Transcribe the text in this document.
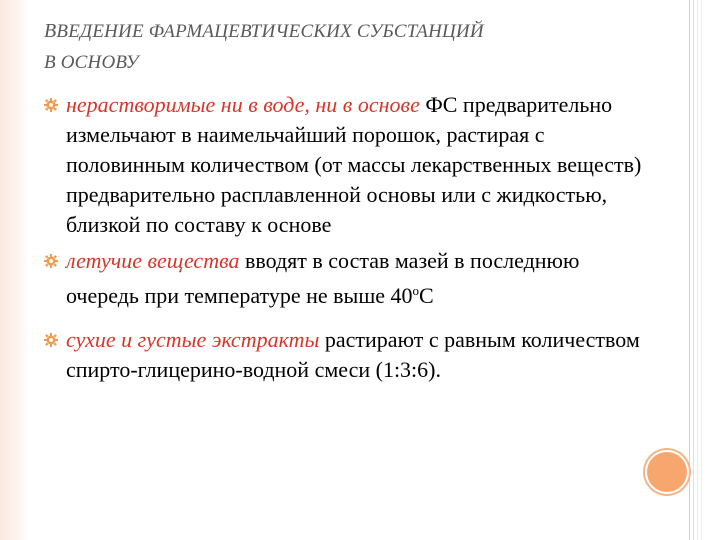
ВВЕДЕНИЕ ФАРМАЦЕВТИЧЕСКИХ СУБСТАНЦИЙ
В ОСНОВУ
нерастворимые ни в воде, ни в основе ФС предварительно измельчают в наимельчайший порошок, растирая с половинным количеством (от массы лекарственных веществ) предварительно расплавленной основы или с жидкостью, близкой по составу к основе
летучие вещества вводят в состав мазей в последнюю очередь при температуре не выше $40^оС$
сухие и густые экстракты растирают с равным количеством спирто-глицерино-водной смеси (1:3:6).
